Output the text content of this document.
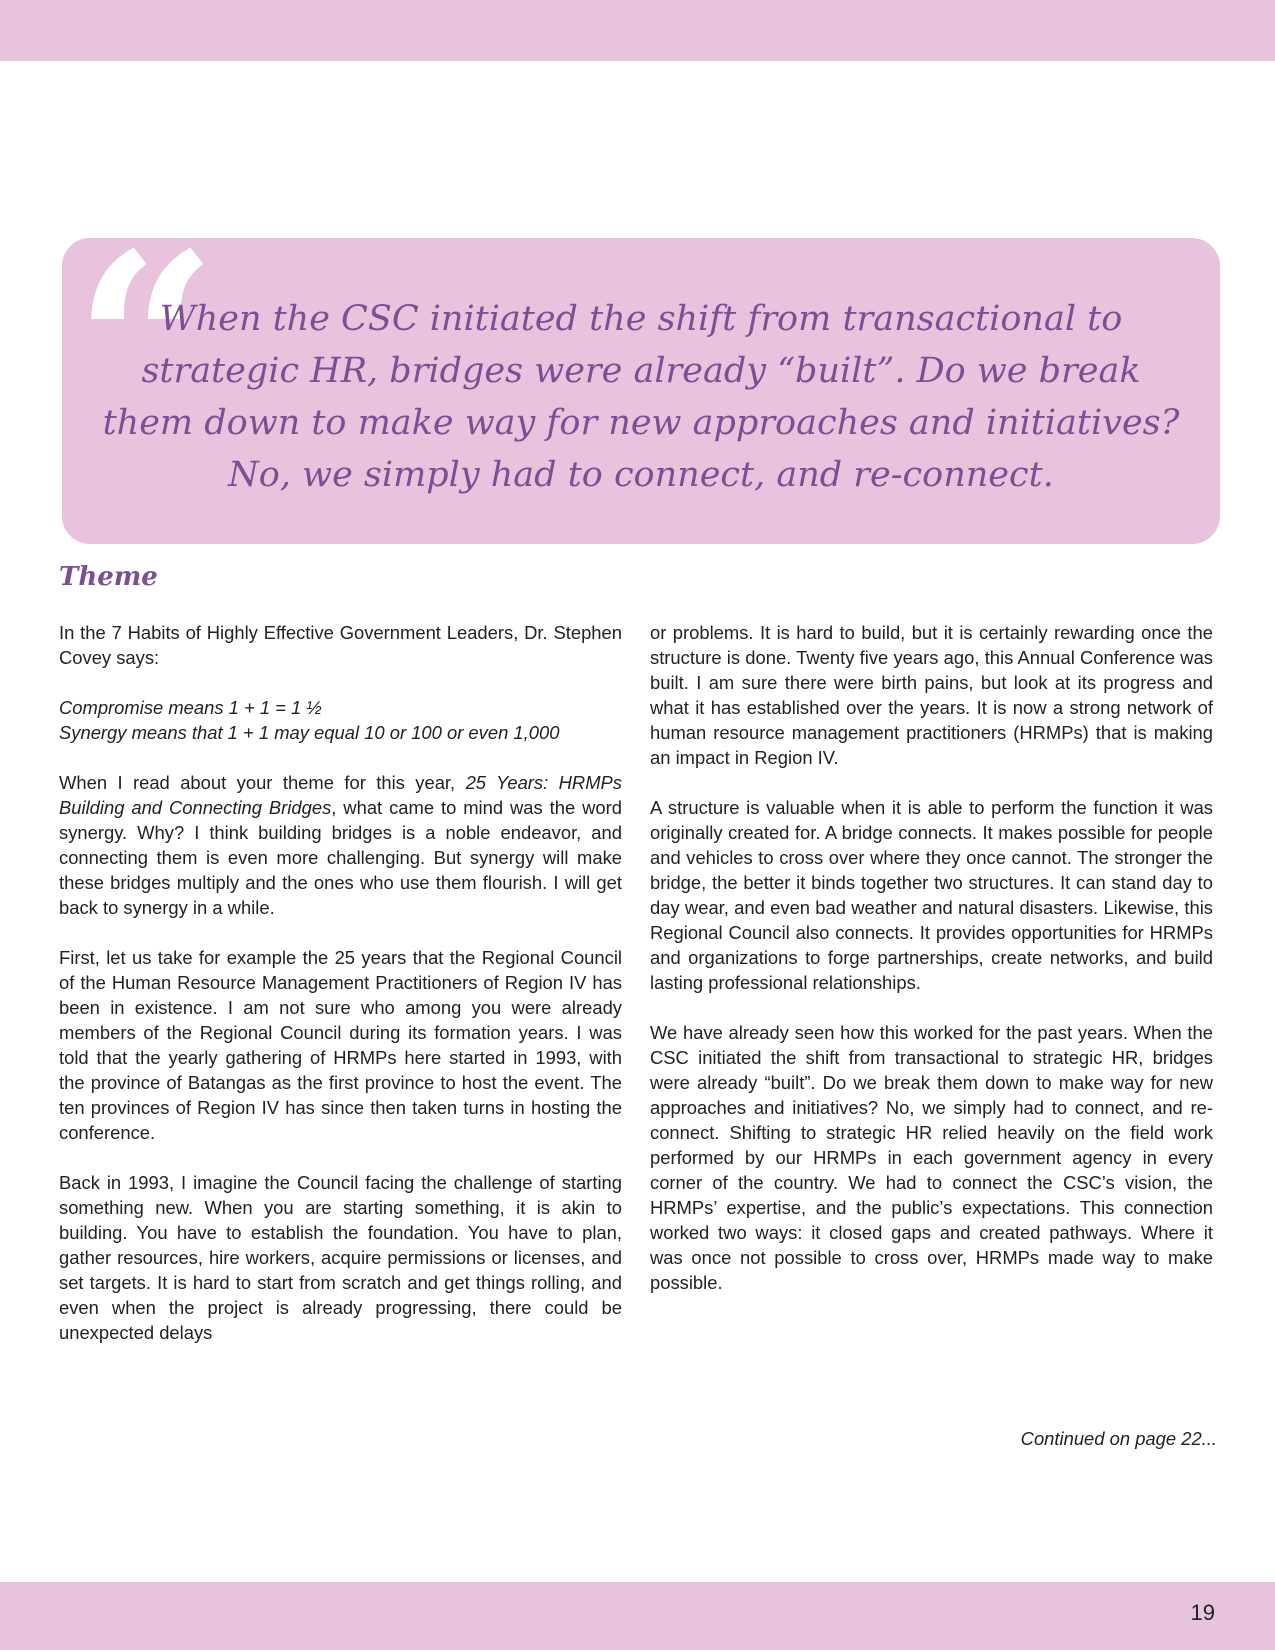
“

When the CSC initiated the shift from transactional to strategic HR, bridges were already “built”. Do we break them down to make way for new approaches and initiatives? No, we simply had to connect, and re-connect.

Theme

In the 7 Habits of Highly Effective Government Leaders, Dr. Stephen Covey says:

Compromise means 1 + 1 = 1 ½
Synergy means that 1 + 1 may equal 10 or 100 or even 1,000

When I read about your theme for this year, 25 Years: HRMPs Building and Connecting Bridges, what came to mind was the word synergy. Why? I think building bridges is a noble endeavor, and connecting them is even more challenging. But synergy will make these bridges multiply and the ones who use them flourish. I will get back to synergy in a while.

First, let us take for example the 25 years that the Regional Council of the Human Resource Management Practitioners of Region IV has been in existence. I am not sure who among you were already members of the Regional Council during its formation years. I was told that the yearly gathering of HRMPs here started in 1993, with the province of Batangas as the first province to host the event. The ten provinces of Region IV has since then taken turns in hosting the conference.

Back in 1993, I imagine the Council facing the challenge of starting something new. When you are starting something, it is akin to building. You have to establish the foundation. You have to plan, gather resources, hire workers, acquire permissions or licenses, and set targets. It is hard to start from scratch and get things rolling, and even when the project is already progressing, there could be unexpected delays

or problems. It is hard to build, but it is certainly rewarding once the structure is done. Twenty five years ago, this Annual Conference was built. I am sure there were birth pains, but look at its progress and what it has established over the years. It is now a strong network of human resource management practitioners (HRMPs) that is making an impact in Region IV.

A structure is valuable when it is able to perform the function it was originally created for. A bridge connects. It makes possible for people and vehicles to cross over where they once cannot. The stronger the bridge, the better it binds together two structures. It can stand day to day wear, and even bad weather and natural disasters. Likewise, this Regional Council also connects. It provides opportunities for HRMPs and organizations to forge partnerships, create networks, and build lasting professional relationships.

We have already seen how this worked for the past years. When the CSC initiated the shift from transactional to strategic HR, bridges were already “built”. Do we break them down to make way for new approaches and initiatives? No, we simply had to connect, and re-connect. Shifting to strategic HR relied heavily on the field work performed by our HRMPs in each government agency in every corner of the country. We had to connect the CSC’s vision, the HRMPs’ expertise, and the public’s expectations. This connection worked two ways: it closed gaps and created pathways. Where it was once not possible to cross over, HRMPs made way to make possible.

Continued on page 22...

19
